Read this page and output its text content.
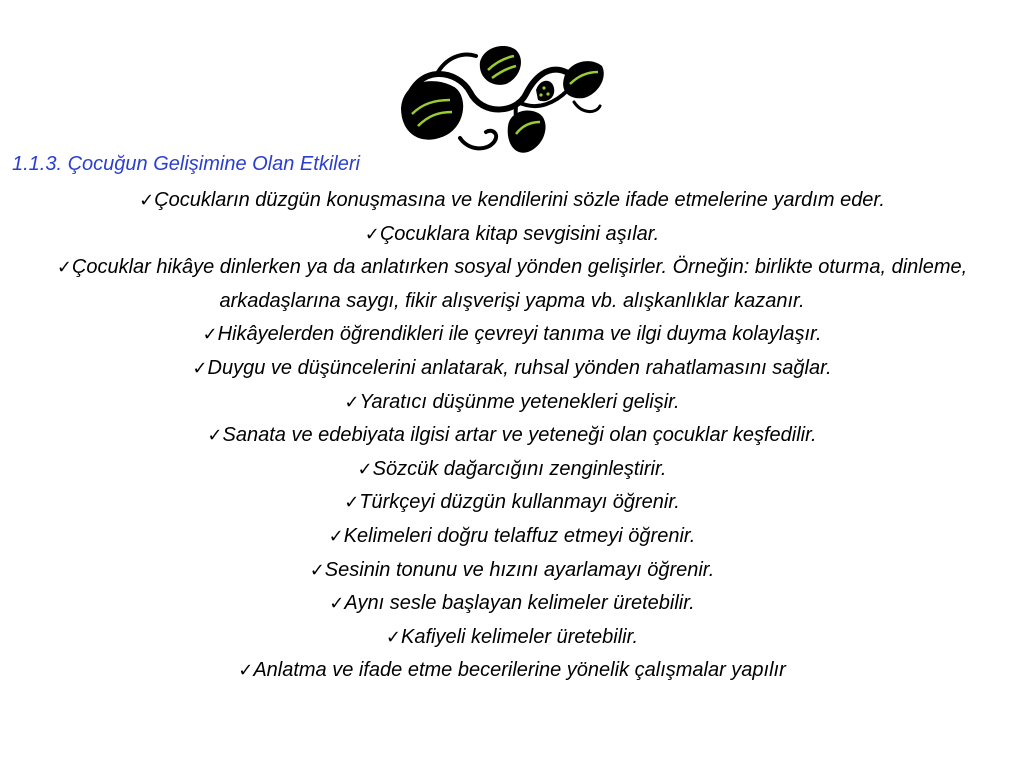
1.1.3. Çocuğun Gelişimine Olan Etkileri
✓Çocukların düzgün konuşmasına ve kendilerini sözle ifade etmelerine yardım eder.
✓Çocuklara kitap sevgisini aşılar.
✓Çocuklar hikâye dinlerken ya da anlatırken sosyal yönden gelişirler. Örneğin: birlikte oturma, dinleme, arkadaşlarına saygı, fikir alışverişi yapma vb. alışkanlıklar kazanır.
✓Hikâyelerden öğrendikleri ile çevreyi tanıma ve ilgi duyma kolaylaşır.
✓Duygu ve düşüncelerini anlatarak, ruhsal yönden rahatlamasını sağlar.
✓Yaratıcı düşünme yetenekleri gelişir.
✓Sanata ve edebiyata ilgisi artar ve yeteneği olan çocuklar keşfedilir.
✓Sözcük dağarcığını zenginleştirir.
✓Türkçeyi düzgün kullanmayı öğrenir.
✓Kelimeleri doğru telaffuz etmeyi öğrenir.
✓Sesinin tonunu ve hızını ayarlamayı öğrenir.
✓Aynı sesle başlayan kelimeler üretebilir.
✓Kafiyeli kelimeler üretebilir.
✓Anlatma ve ifade etme becerilerine yönelik çalışmalar yapılır
